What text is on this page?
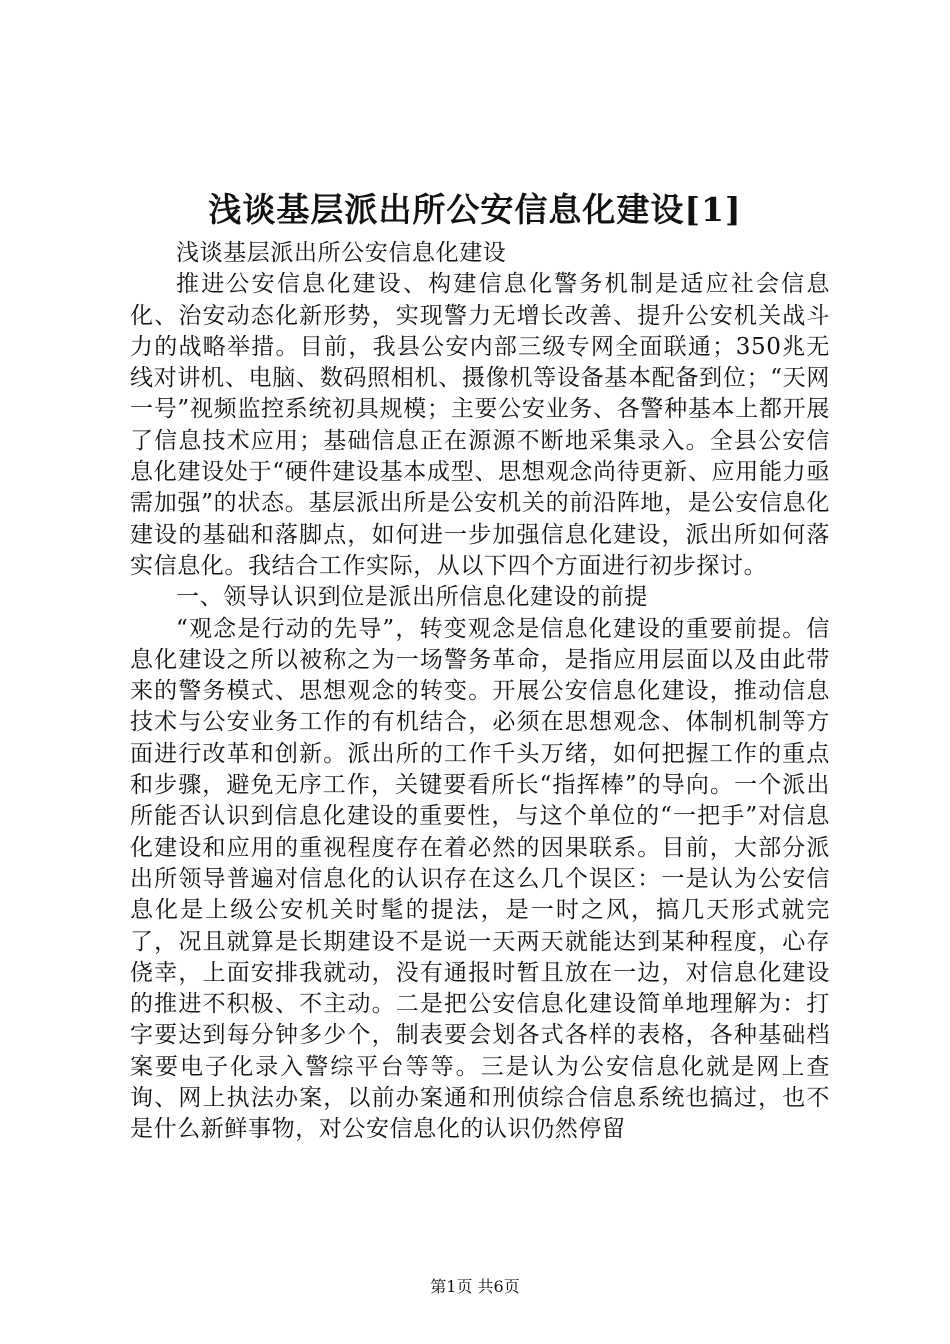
浅谈基层派出所公安信息化建设[1]

浅谈基层派出所公安信息化建设

推进公安信息化建设、构建信息化警务机制是适应社会信息化、治安动态化新形势，实现警力无增长改善、提升公安机关战斗力的战略举措。目前，我县公安内部三级专网全面联通；350兆无线对讲机、电脑、数码照相机、摄像机等设备基本配备到位；“天网一号”视频监控系统初具规模；主要公安业务、各警种基本上都开展了信息技术应用；基础信息正在源源不断地采集录入。全县公安信息化建设处于“硬件建设基本成型、思想观念尚待更新、应用能力亟需加强”的状态。基层派出所是公安机关的前沿阵地，是公安信息化建设的基础和落脚点，如何进一步加强信息化建设，派出所如何落实信息化。我结合工作实际，从以下四个方面进行初步探讨。

一、领导认识到位是派出所信息化建设的前提

“观念是行动的先导”，转变观念是信息化建设的重要前提。信息化建设之所以被称之为一场警务革命，是指应用层面以及由此带来的警务模式、思想观念的转变。开展公安信息化建设，推动信息技术与公安业务工作的有机结合，必须在思想观念、体制机制等方面进行改革和创新。派出所的工作千头万绪，如何把握工作的重点和步骤，避免无序工作，关键要看所长“指挥棒”的导向。一个派出所能否认识到信息化建设的重要性，与这个单位的“一把手”对信息化建设和应用的重视程度存在着必然的因果联系。目前，大部分派出所领导普遍对信息化的认识存在这么几个误区：一是认为公安信息化是上级公安机关时髦的提法，是一时之风，搞几天形式就完了，况且就算是长期建设不是说一天两天就能达到某种程度，心存侥幸，上面安排我就动，没有通报时暂且放在一边，对信息化建设的推进不积极、不主动。二是把公安信息化建设简单地理解为：打字要达到每分钟多少个，制表要会划各式各样的表格，各种基础档案要电子化录入警综平台等等。三是认为公安信息化就是网上查询、网上执法办案，以前办案通和刑侦综合信息系统也搞过，也不是什么新鲜事物，对公安信息化的认识仍然停留

第1页 共6页
